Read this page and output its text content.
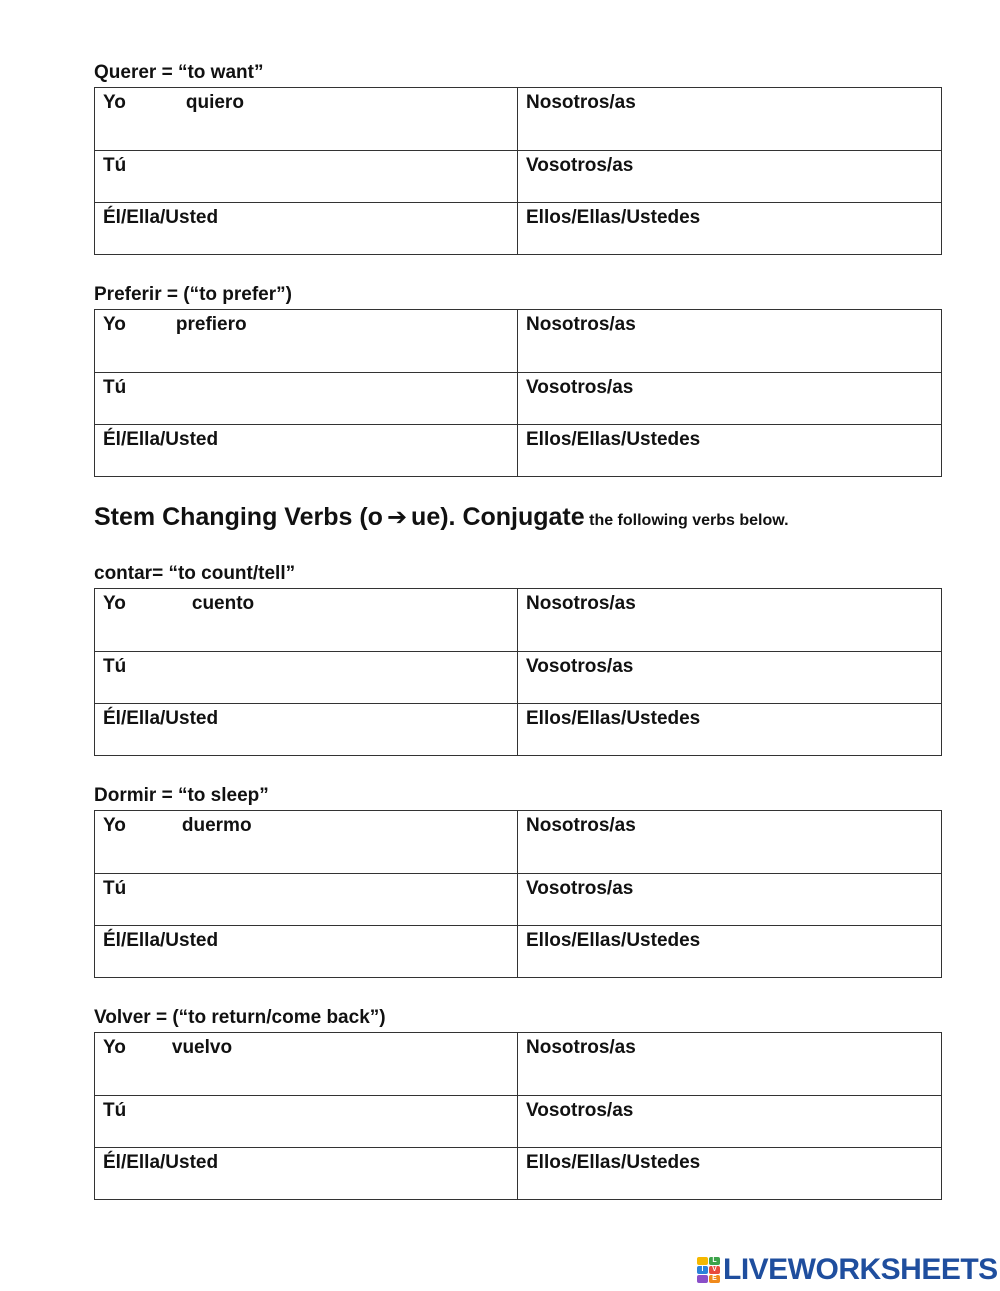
Querer = “to want”
Yo quiero	Nosotros/as
Tú	Vosotros/as
Él/Ella/Usted	Ellos/Ellas/Ustedes
Preferir = (“to prefer”)
Yo prefiero	Nosotros/as
Tú	Vosotros/as
Él/Ella/Usted	Ellos/Ellas/Ustedes
Stem Changing Verbs (o ➔ ue). Conjugate the following verbs below.
contar= “to count/tell”
Yo cuento	Nosotros/as
Tú	Vosotros/as
Él/Ella/Usted	Ellos/Ellas/Ustedes
Dormir = “to sleep”
Yo duermo	Nosotros/as
Tú	Vosotros/as
Él/Ella/Usted	Ellos/Ellas/Ustedes
Volver = (“to return/come back”)
Yo vuelvo	Nosotros/as
Tú	Vosotros/as
Él/Ella/Usted	Ellos/Ellas/Ustedes
L
I	V
E LIVEWORKSHEETS
